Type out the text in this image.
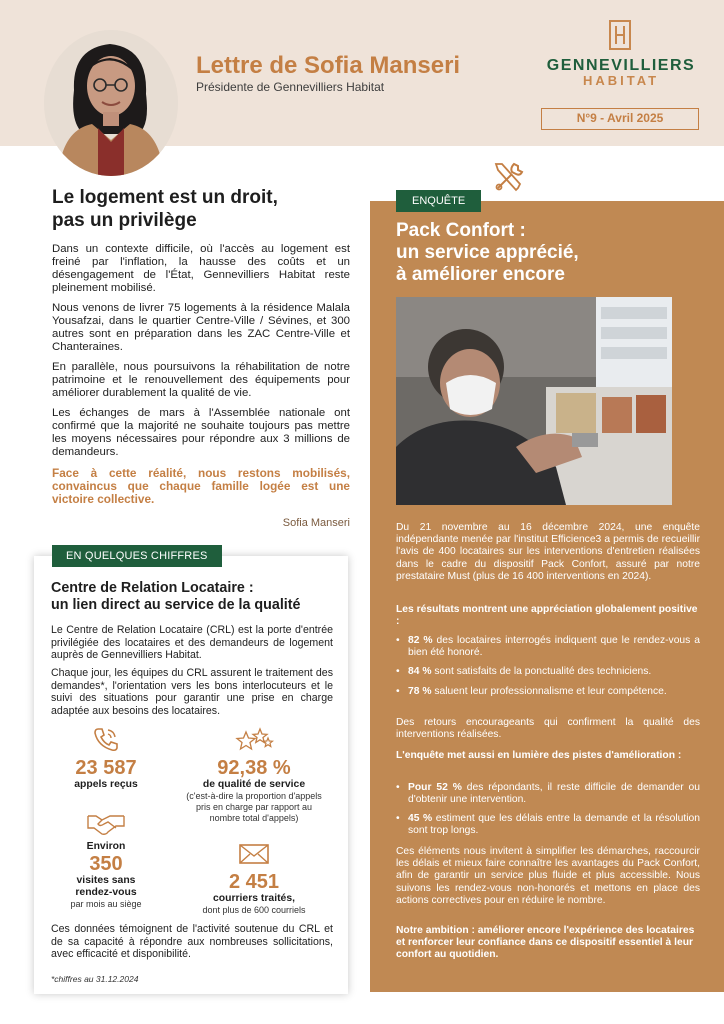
Lettre de Sofia Manseri
Présidente de Gennevilliers Habitat
GENNEVILLIERS
HABITAT
N°9 - Avril 2025
Le logement est un droit,
pas un privilège

Dans un contexte difficile, où l'accès au logement est freiné par l'inflation, la hausse des coûts et un désengagement de l'État, Gennevilliers Habitat reste pleinement mobilisé.

Nous venons de livrer 75 logements à la résidence Malala Yousafzai, dans le quartier Centre-Ville / Sévines, et 300 autres sont en préparation dans les ZAC Centre-Ville et Chanteraines.

En parallèle, nous poursuivons la réhabilitation de notre patrimoine et le renouvellement des équipements pour améliorer durablement la qualité de vie.

Les échanges de mars à l'Assemblée nationale ont confirmé que la majorité ne souhaite toujours pas mettre les moyens nécessaires pour répondre aux 3 millions de demandeurs.

Face à cette réalité, nous restons mobilisés, convaincus que chaque famille logée est une victoire collective.

Sofia Manseri
EN QUELQUES CHIFFRES
Centre de Relation Locataire :
un lien direct au service de la qualité
Le Centre de Relation Locataire (CRL) est la porte d'entrée privilégiée des locataires et des demandeurs de logement auprès de Gennevilliers Habitat.
Chaque jour, les équipes du CRL assurent le traitement des demandes*, l'orientation vers les bons interlocuteurs et le suivi des situations pour garantir une prise en charge adaptée aux besoins des locataires.
23 587
appels reçus
92,38 %
de qualité de service
(c'est-à-dire la proportion d'appels pris en charge par rapport au nombre total d'appels)
Environ
350
visites sans
rendez-vous
par mois au siège
2 451
courriers traités,
dont plus de 600 courriels
Ces données témoignent de l'activité soutenue du CRL et de sa capacité à répondre aux nombreuses sollicitations, avec efficacité et disponibilité.
*chiffres au 31.12.2024
ENQUÊTE
Pack Confort :
un service apprécié,
à améliorer encore
Du 21 novembre au 16 décembre 2024, une enquête indépendante menée par l'institut Efficience3 a permis de recueillir l'avis de 400 locataires sur les interventions d'entretien réalisées dans le cadre du dispositif Pack Confort, assuré par notre prestataire Must (plus de 16 400 interventions en 2024).
Les résultats montrent une appréciation globalement positive :
• 82 % des locataires interrogés indiquent que le rendez-vous a bien été honoré.
• 84 % sont satisfaits de la ponctualité des techniciens.
• 78 % saluent leur professionnalisme et leur compétence.
Des retours encourageants qui confirment la qualité des interventions réalisées.
L'enquête met aussi en lumière des pistes d'amélioration :
• Pour 52 % des répondants, il reste difficile de demander ou d'obtenir une intervention.
• 45 % estiment que les délais entre la demande et la résolution sont trop longs.
Ces éléments nous invitent à simplifier les démarches, raccourcir les délais et mieux faire connaître les avantages du Pack Confort, afin de garantir un service plus fluide et plus accessible. Nous suivons les rendez-vous non-honorés et mettons en place des actions correctives pour en réduire le nombre.
Notre ambition : améliorer encore l'expérience des locataires et renforcer leur confiance dans ce dispositif essentiel à leur confort au quotidien.
